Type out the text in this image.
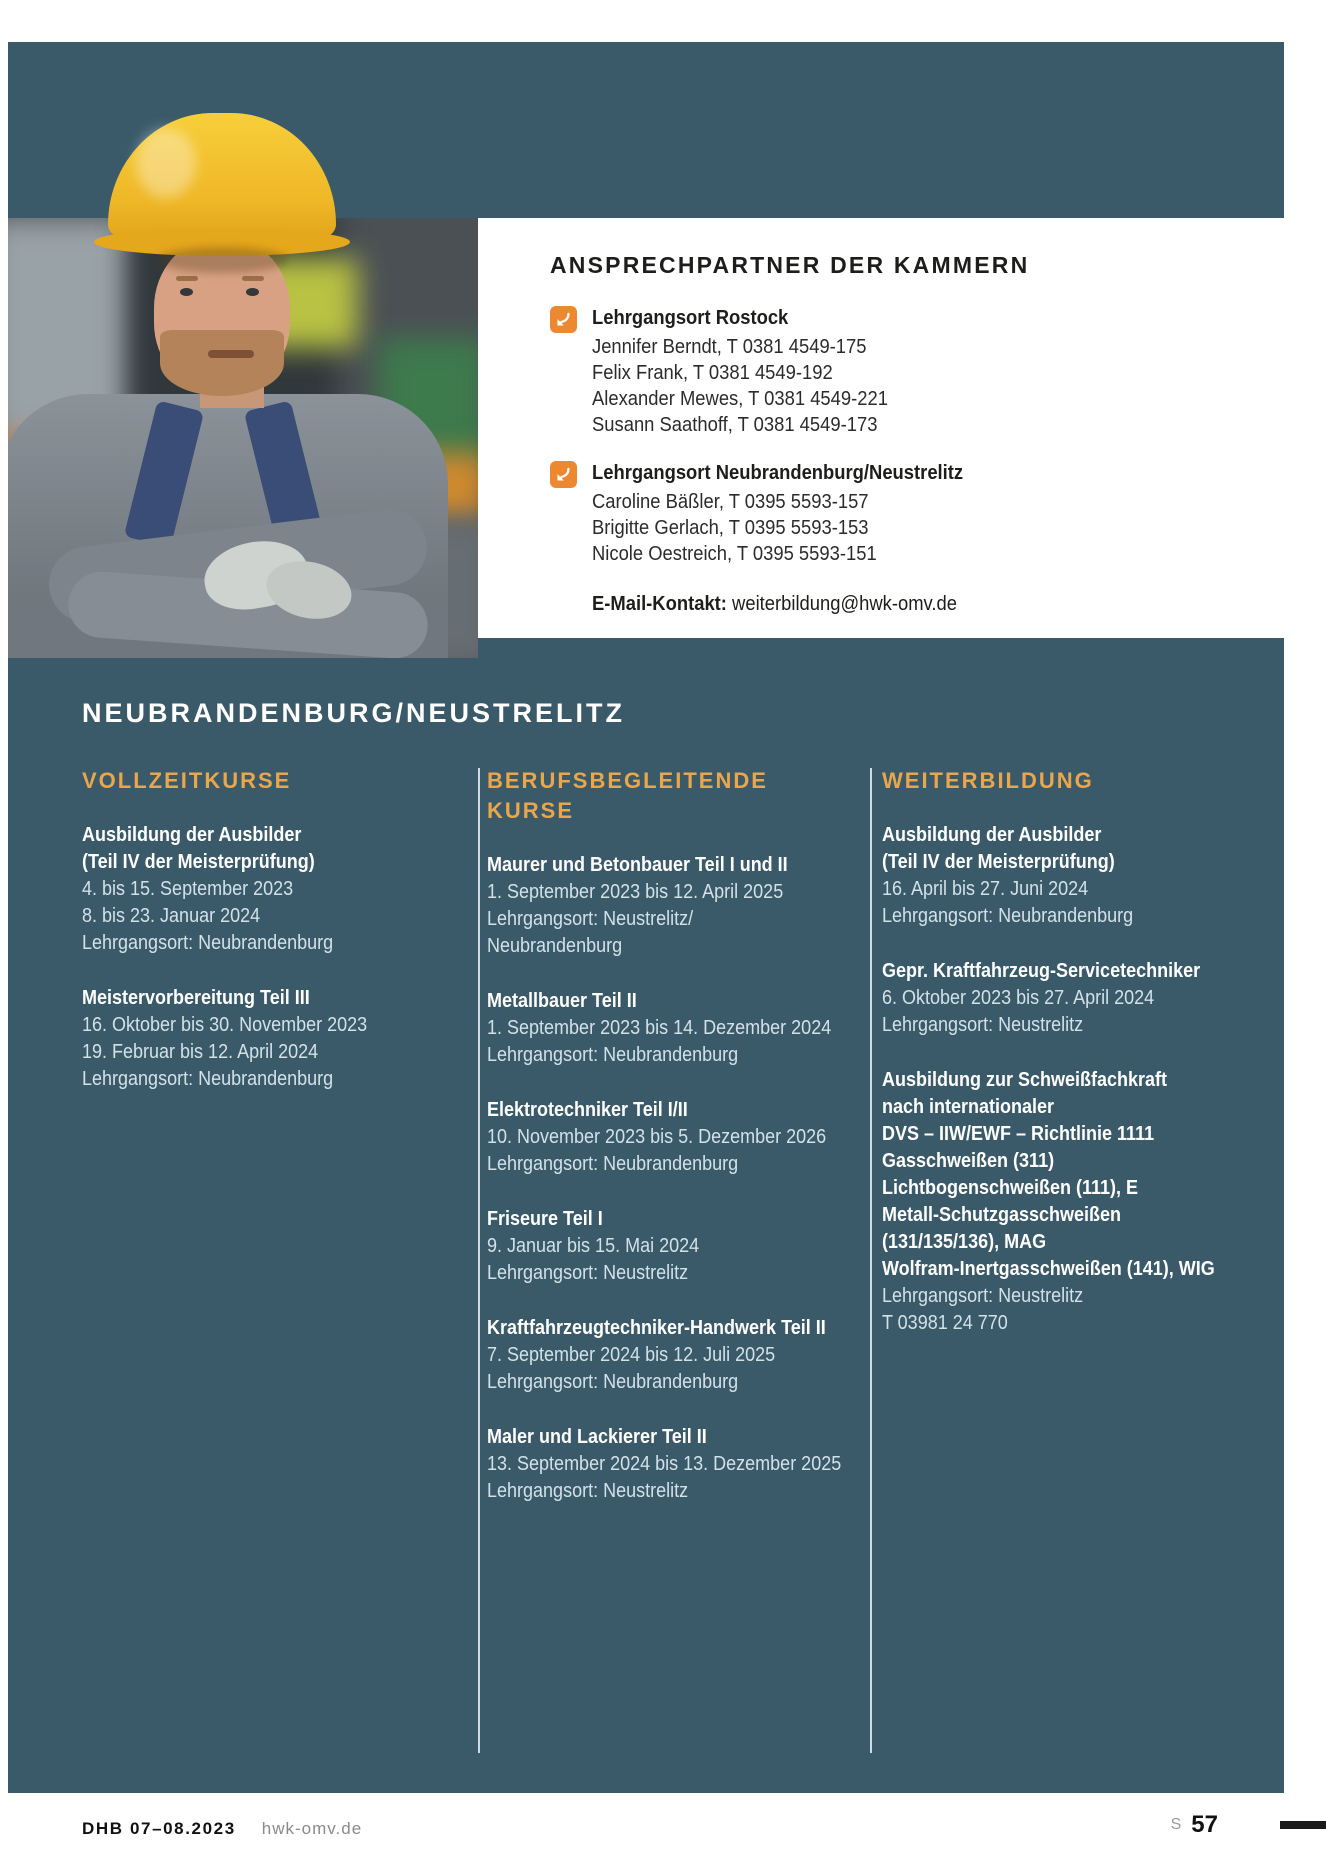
ANSPRECHPARTNER DER KAMMERN
Lehrgangsort Rostock
Jennifer Berndt, T 0381 4549-175
Felix Frank, T 0381 4549-192
Alexander Mewes, T 0381 4549-221
Susann Saathoff, T 0381 4549-173
Lehrgangsort Neubrandenburg/Neustrelitz
Caroline Bäßler, T 0395 5593-157
Brigitte Gerlach, T 0395 5593-153
Nicole Oestreich, T 0395 5593-151
E-Mail-Kontakt: weiterbildung@hwk-omv.de
NEUBRANDENBURG/NEUSTRELITZ
VOLLZEITKURSE
Ausbildung der Ausbilder
(Teil IV der Meisterprüfung)
4. bis 15. September 2023
8. bis 23. Januar 2024
Lehrgangsort: Neubrandenburg
Meistervorbereitung Teil III
16. Oktober bis 30. November 2023
19. Februar bis 12. April 2024
Lehrgangsort: Neubrandenburg
BERUFSBEGLEITENDE
KURSE
Maurer und Betonbauer Teil I und II
1. September 2023 bis 12. April 2025
Lehrgangsort: Neustrelitz/
Neubrandenburg
Metallbauer Teil II
1. September 2023 bis 14. Dezember 2024
Lehrgangsort: Neubrandenburg
Elektrotechniker Teil I/II
10. November 2023 bis 5. Dezember 2026
Lehrgangsort: Neubrandenburg
Friseure Teil I
9. Januar bis 15. Mai 2024
Lehrgangsort: Neustrelitz
Kraftfahrzeugtechniker-Handwerk Teil II
7. September 2024 bis 12. Juli 2025
Lehrgangsort: Neubrandenburg
Maler und Lackierer Teil II
13. September 2024 bis 13. Dezember 2025
Lehrgangsort: Neustrelitz
WEITERBILDUNG
Ausbildung der Ausbilder
(Teil IV der Meisterprüfung)
16. April bis 27. Juni 2024
Lehrgangsort: Neubrandenburg
Gepr. Kraftfahrzeug-Servicetechniker
6. Oktober 2023 bis 27. April 2024
Lehrgangsort: Neustrelitz
Ausbildung zur Schweißfachkraft
nach internationaler
DVS – IIW/EWF – Richtlinie 1111
Gasschweißen (311)
Lichtbogenschweißen (111), E
Metall-Schutzgasschweißen
(131/135/136), MAG
Wolfram-Inertgasschweißen (141), WIG
Lehrgangsort: Neustrelitz
T 03981 24 770
DHB 07–08.2023 hwk-omv.de	S 57
